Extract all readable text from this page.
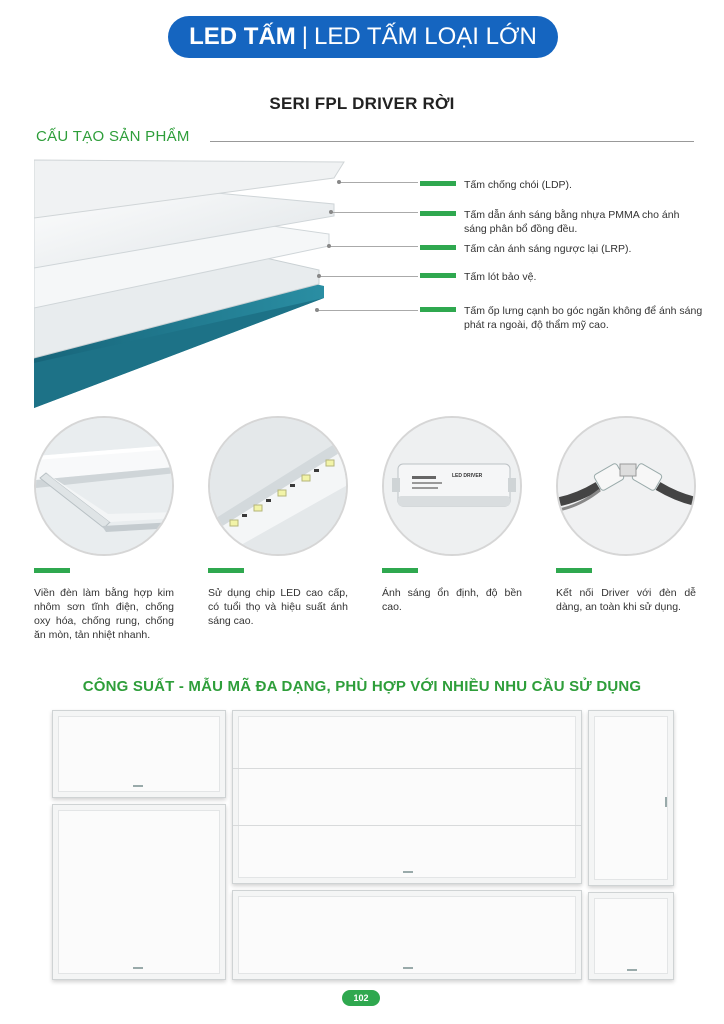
LED TẤM | LED TẤM LOẠI LỚN
SERI FPL DRIVER RỜI
CẤU TẠO SẢN PHẨM
Tấm chống chói (LDP).
Tấm dẫn ánh sáng bằng nhựa PMMA cho ánh sáng phân bổ đồng đều.
Tấm cản ánh sáng ngược lại (LRP).
Tấm lót bảo vệ.
Tấm ốp lưng cạnh bo góc ngăn không để ánh sáng phát ra ngoài, độ thẩm mỹ cao.
Viền đèn làm bằng hợp kim nhôm sơn tĩnh điện, chống oxy hóa, chống rung, chống ăn mòn, tản nhiệt nhanh.
Sử dụng chip LED cao cấp, có tuổi thọ và hiệu suất ánh sáng cao.
LED DRIVER
Ánh sáng ổn định, độ bền cao.
Kết nối Driver với đèn dễ dàng, an toàn khi sử dụng.
CÔNG SUẤT - MẪU MÃ ĐA DẠNG, PHÙ HỢP VỚI NHIỀU NHU CẦU SỬ DỤNG
102
